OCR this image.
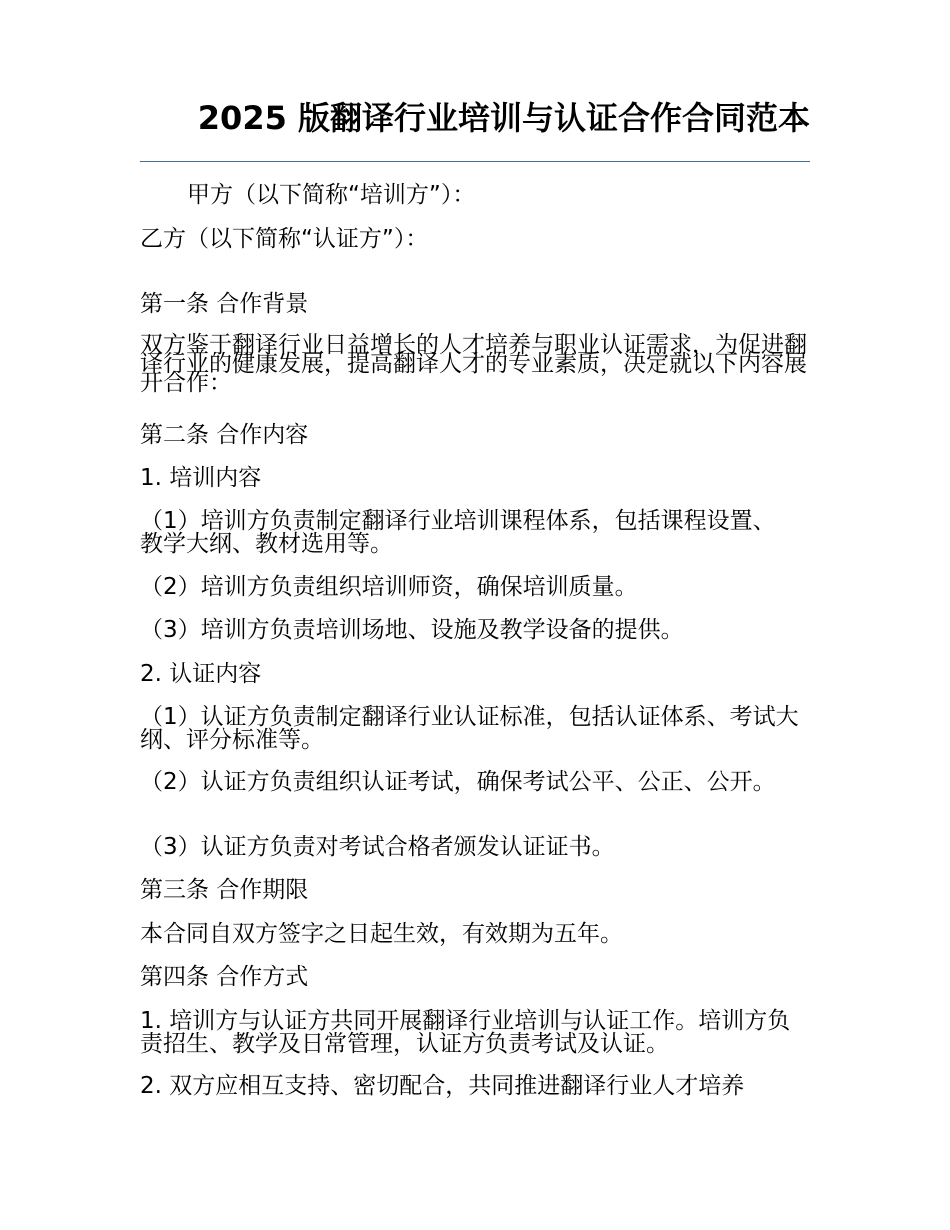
2025 版翻译行业培训与认证合作合同范本

甲方（以下简称“培训方”）：

乙方（以下简称“认证方”）：

第一条 合作背景

双方鉴于翻译行业日益增长的人才培养与职业认证需求，为促进翻译行业的健康发展，提高翻译人才的专业素质，决定就以下内容展开合作：

第二条 合作内容

1. 培训内容

（1）培训方负责制定翻译行业培训课程体系，包括课程设置、教学大纲、教材选用等。

（2）培训方负责组织培训师资，确保培训质量。

（3）培训方负责培训场地、设施及教学设备的提供。

2. 认证内容

（1）认证方负责制定翻译行业认证标准，包括认证体系、考试大纲、评分标准等。

（2）认证方负责组织认证考试，确保考试公平、公正、公开。

（3）认证方负责对考试合格者颁发认证证书。

第三条 合作期限

本合同自双方签字之日起生效，有效期为五年。

第四条 合作方式

1. 培训方与认证方共同开展翻译行业培训与认证工作。培训方负责招生、教学及日常管理，认证方负责考试及认证。

2. 双方应相互支持、密切配合，共同推进翻译行业人才培养
